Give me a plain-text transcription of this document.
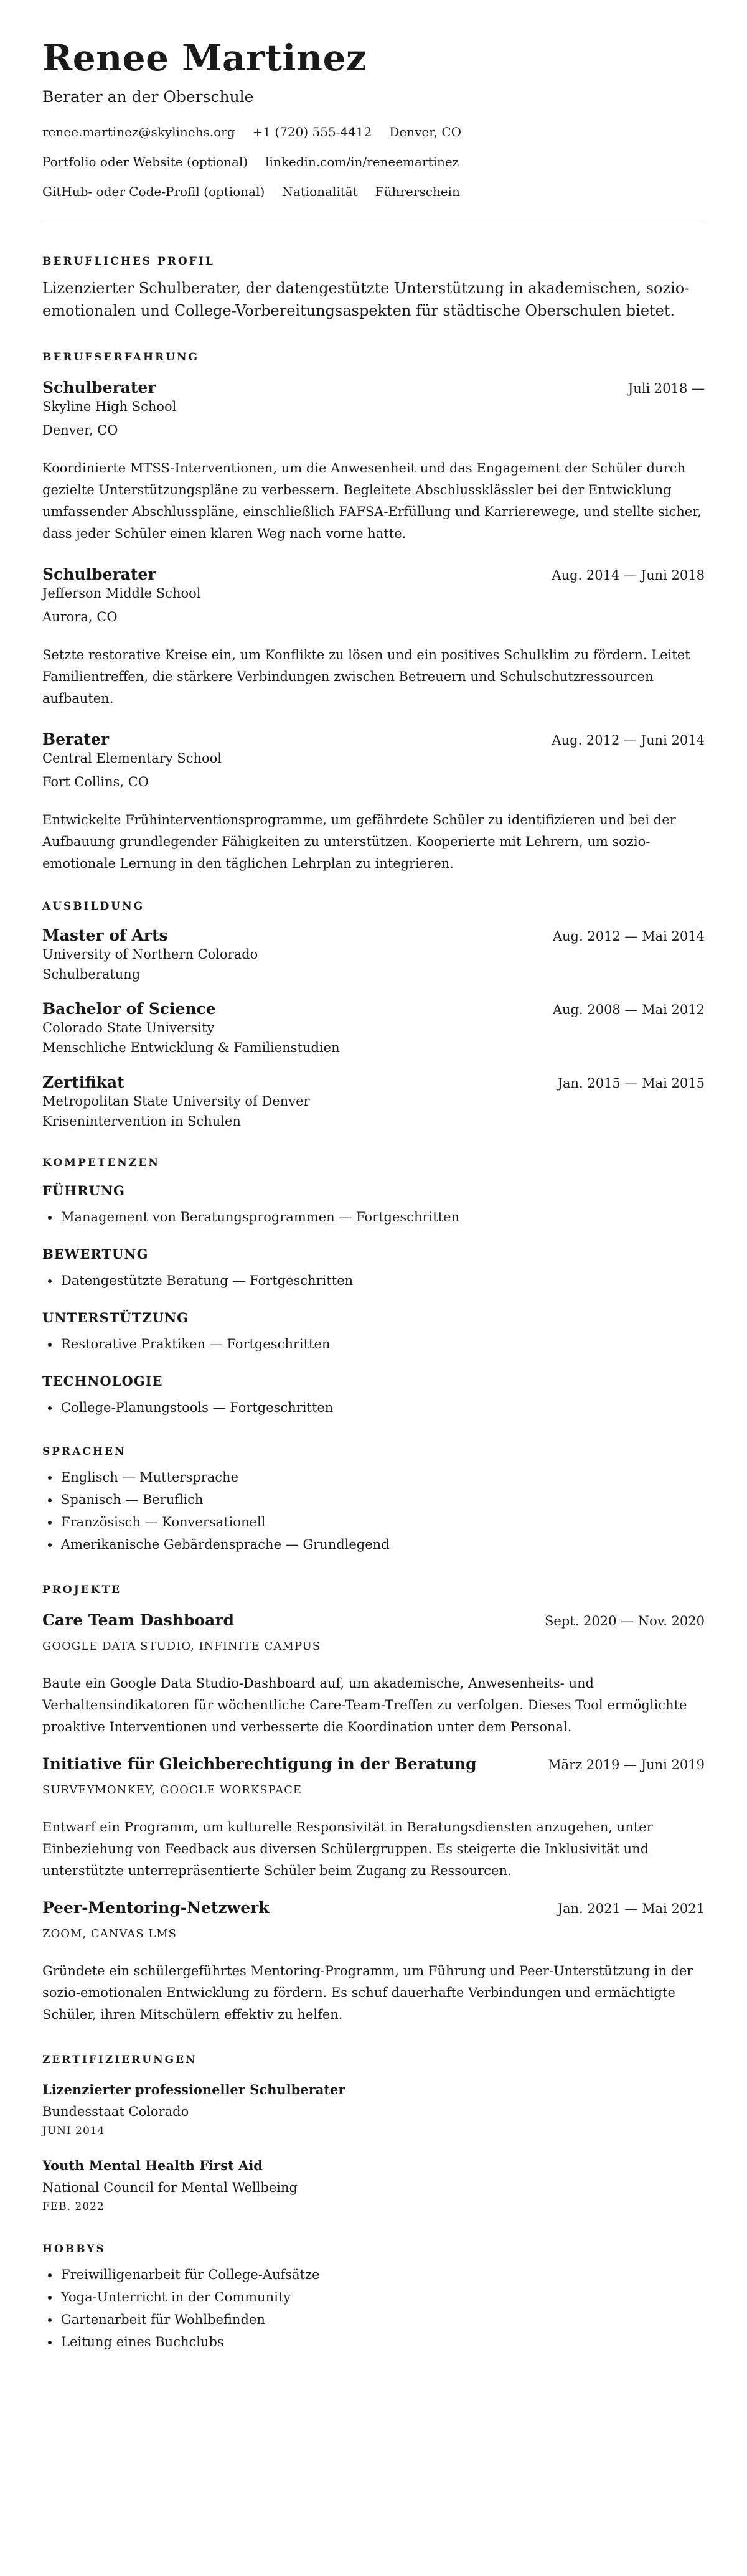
Renee Martinez
Berater an der Oberschule
renee.martinez@skylinehs.org +1 (720) 555-4412 Denver, CO
Portfolio oder Website (optional) linkedin.com/in/reneemartinez
GitHub- oder Code-Profil (optional) Nationalität Führerschein
BERUFLICHES PROFIL
Lizenzierter Schulberater, der datengestützte Unterstützung in akademischen, sozio-emotionalen und College-Vorbereitungsaspekten für städtische Oberschulen bietet.
BERUFSERFAHRUNG
Schulberater	Juli 2018 —
Skyline High School
Denver, CO
Koordinierte MTSS-Interventionen, um die Anwesenheit und das Engagement der Schüler durch gezielte Unterstützungspläne zu verbessern. Begleitete Abschlussklässler bei der Entwicklung umfassender Abschlusspläne, einschließlich FAFSA-Erfüllung und Karrierewege, und stellte sicher, dass jeder Schüler einen klaren Weg nach vorne hatte.
Schulberater	Aug. 2014 — Juni 2018
Jefferson Middle School
Aurora, CO
Setzte restorative Kreise ein, um Konflikte zu lösen und ein positives Schulklim zu fördern. Leitet Familientreffen, die stärkere Verbindungen zwischen Betreuern und Schulschutzressourcen aufbauten.
Berater	Aug. 2012 — Juni 2014
Central Elementary School
Fort Collins, CO
Entwickelte Frühinterventionsprogramme, um gefährdete Schüler zu identifizieren und bei der Aufbauung grundlegender Fähigkeiten zu unterstützen. Kooperierte mit Lehrern, um sozio-emotionale Lernung in den täglichen Lehrplan zu integrieren.
AUSBILDUNG
Master of Arts	Aug. 2012 — Mai 2014
University of Northern Colorado
Schulberatung
Bachelor of Science	Aug. 2008 — Mai 2012
Colorado State University
Menschliche Entwicklung & Familienstudien
Zertifikat	Jan. 2015 — Mai 2015
Metropolitan State University of Denver
Krisenintervention in Schulen
KOMPETENZEN
FÜHRUNG
• Management von Beratungsprogrammen — Fortgeschritten
BEWERTUNG
• Datengestützte Beratung — Fortgeschritten
UNTERSTÜTZUNG
• Restorative Praktiken — Fortgeschritten
TECHNOLOGIE
• College-Planungstools — Fortgeschritten
SPRACHEN
• Englisch — Muttersprache
• Spanisch — Beruflich
• Französisch — Konversationell
• Amerikanische Gebärdensprache — Grundlegend
PROJEKTE
Care Team Dashboard	Sept. 2020 — Nov. 2020
GOOGLE DATA STUDIO, INFINITE CAMPUS
Baute ein Google Data Studio-Dashboard auf, um akademische, Anwesenheits- und Verhaltensindikatoren für wöchentliche Care-Team-Treffen zu verfolgen. Dieses Tool ermöglichte proaktive Interventionen und verbesserte die Koordination unter dem Personal.
Initiative für Gleichberechtigung in der Beratung	März 2019 — Juni 2019
SURVEYMONKEY, GOOGLE WORKSPACE
Entwarf ein Programm, um kulturelle Responsivität in Beratungsdiensten anzugehen, unter Einbeziehung von Feedback aus diversen Schülergruppen. Es steigerte die Inklusivität und unterstützte unterrepräsentierte Schüler beim Zugang zu Ressourcen.
Peer-Mentoring-Netzwerk	Jan. 2021 — Mai 2021
ZOOM, CANVAS LMS
Gründete ein schülergeführtes Mentoring-Programm, um Führung und Peer-Unterstützung in der sozio-emotionalen Entwicklung zu fördern. Es schuf dauerhafte Verbindungen und ermächtigte Schüler, ihren Mitschülern effektiv zu helfen.
ZERTIFIZIERUNGEN
Lizenzierter professioneller Schulberater
Bundesstaat Colorado
JUNI 2014
Youth Mental Health First Aid
National Council for Mental Wellbeing
FEB. 2022
HOBBYS
• Freiwilligenarbeit für College-Aufsätze
• Yoga-Unterricht in der Community
• Gartenarbeit für Wohlbefinden
• Leitung eines Buchclubs
